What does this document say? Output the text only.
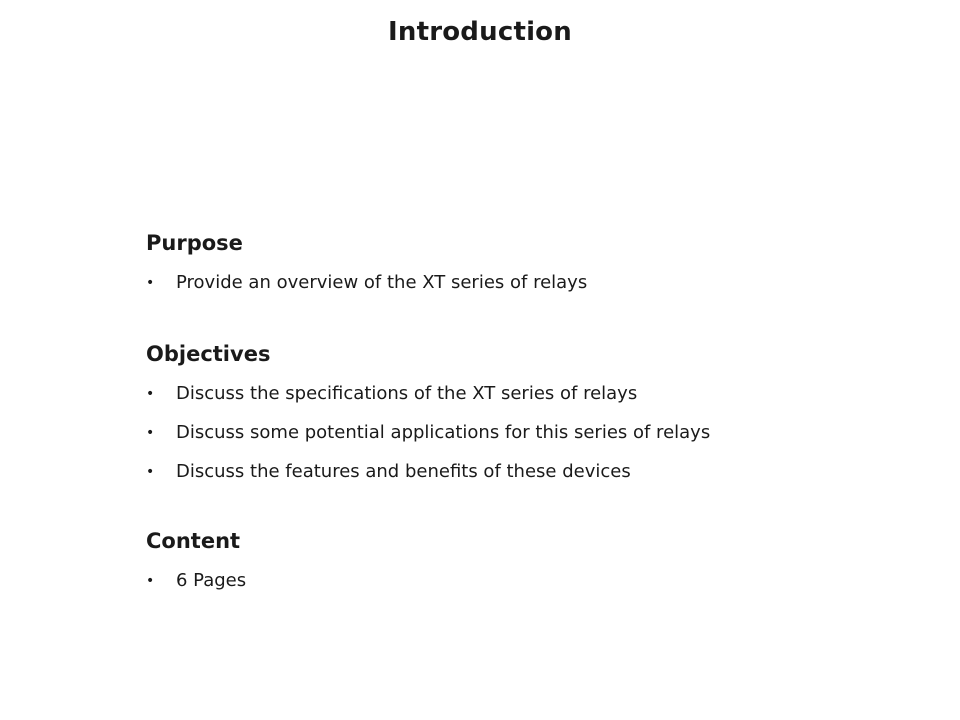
Introduction
Purpose
• Provide an overview of the XT series of relays
Objectives
• Discuss the specifications of the XT series of relays
• Discuss some potential applications for this series of relays
• Discuss the features and benefits of these devices
Content
• 6 Pages
